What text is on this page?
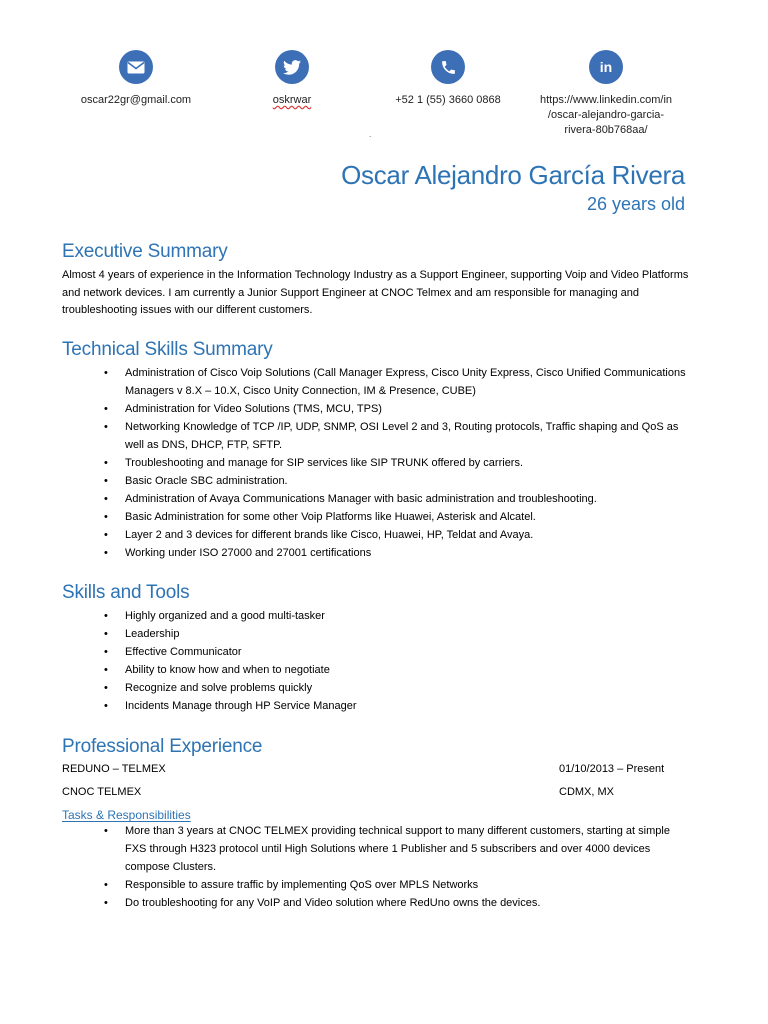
oscar22gr@gmail.com	oskrwar	+52 1 (55) 3660 0868
in
https://www.linkedin.com/in
/oscar-alejandro-garcia-
rivera-80b768aa/
.
Oscar Alejandro García Rivera
26 years old
Executive Summary

Almost 4 years of experience in the Information Technology Industry as a Support Engineer, supporting Voip and Video Platforms and network devices. I am currently a Junior Support Engineer at CNOC Telmex and am responsible for managing and troubleshooting issues with our different customers.

Technical Skills Summary
• Administration of Cisco Voip Solutions (Call Manager Express, Cisco Unity Express, Cisco Unified Communications Managers v 8.X – 10.X, Cisco Unity Connection, IM & Presence, CUBE)
• Administration for Video Solutions (TMS, MCU, TPS)
• Networking Knowledge of TCP /IP, UDP, SNMP, OSI Level 2 and 3, Routing protocols, Traffic shaping and QoS as well as DNS, DHCP, FTP, SFTP.
• Troubleshooting and manage for SIP services like SIP TRUNK offered by carriers.
• Basic Oracle SBC administration.
• Administration of Avaya Communications Manager with basic administration and troubleshooting.
• Basic Administration for some other Voip Platforms like Huawei, Asterisk and Alcatel.
• Layer 2 and 3 devices for different brands like Cisco, Huawei, HP, Teldat and Avaya.
• Working under ISO 27000 and 27001 certifications
Skills and Tools
• Highly organized and a good multi-tasker
• Leadership
• Effective Communicator
• Ability to know how and when to negotiate
• Recognize and solve problems quickly
• Incidents Manage through HP Service Manager
Professional Experience
REDUNO – TELMEX	01/10/2013 – Present
CNOC TELMEX	CDMX, MX
Tasks & Responsibilities
• More than 3 years at CNOC TELMEX providing technical support to many different customers, starting at simple FXS through H323 protocol until High Solutions where 1 Publisher and 5 subscribers and over 4000 devices compose Clusters.
• Responsible to assure traffic by implementing QoS over MPLS Networks
• Do troubleshooting for any VoIP and Video solution where RedUno owns the devices.
